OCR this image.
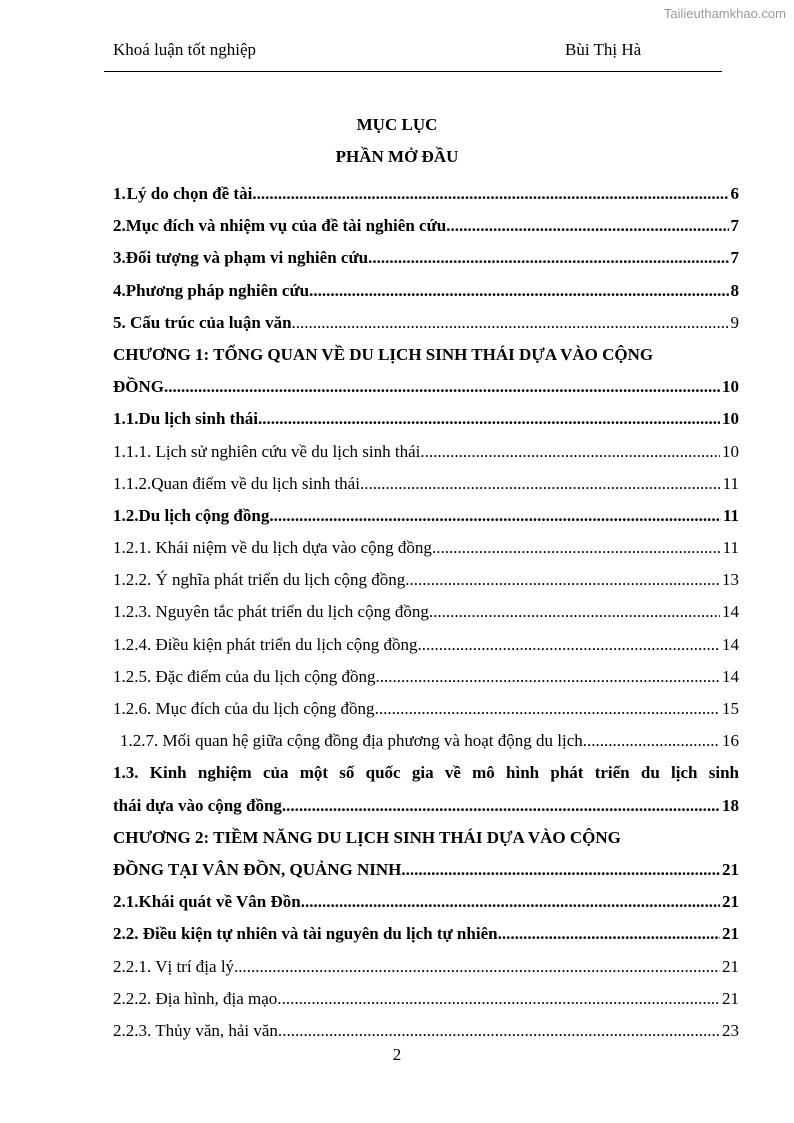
Tailieuthamkhao.com
Khoá luận tốt nghiệp	Bùi Thị Hà
MỤC LỤC
PHẦN MỞ ĐẦU
1. Lý do chọn đề tài .....	6
2. Mục đích và nhiệm vụ của đề tài nghiên cứu .....	7
3. Đối tượng và phạm vi nghiên cứu .....	7
4. Phương pháp nghiên cứu .....	8
5. Cấu trúc của luận văn .....	9
CHƯƠNG 1: TỔNG QUAN VỀ DU LỊCH SINH THÁI DỰA VÀO CỘNG
ĐỒNG .....	10
1.1.Du lịch sinh thái .....	10
1.1.1. Lịch sử nghiên cứu về du lịch sinh thái .....	10
1.1.2.Quan điểm về du lịch sinh thái .....	11
1.2.Du lịch cộng đồng .....	11
1.2.1. Khái niệm về du lịch dựa vào cộng đồng .....	11
1.2.2. Ý nghĩa phát triển du lịch cộng đồng .....	13
1.2.3. Nguyên tắc phát triển du lịch cộng đồng .....	14
1.2.4. Điều kiện phát triển du lịch cộng đồng .....	14
1.2.5. Đặc điểm của du lịch cộng đồng .....	14
1.2.6. Mục đích của du lịch cộng đồng .....	15
1.2.7. Mối quan hệ giữa cộng đồng địa phương và hoạt động du lịch .....	16
1.3. Kinh nghiệm của một số quốc gia về mô hình phát triển du lịch sinh
thái dựa vào cộng đồng .....	18
CHƯƠNG 2: TIỀM NĂNG DU LỊCH SINH THÁI DỰA VÀO CỘNG
ĐỒNG TẠI VÂN ĐỒN, QUẢNG NINH .....	21
2.1.Khái quát về Vân Đồn .....	21
2.2. Điều kiện tự nhiên và tài nguyên du lịch tự nhiên .....	21
2.2.1. Vị trí địa lý. .....	21
2.2.2. Địa hình, địa mạo. .....	21
2.2.3. Thủy văn, hải văn. .....	23
2
